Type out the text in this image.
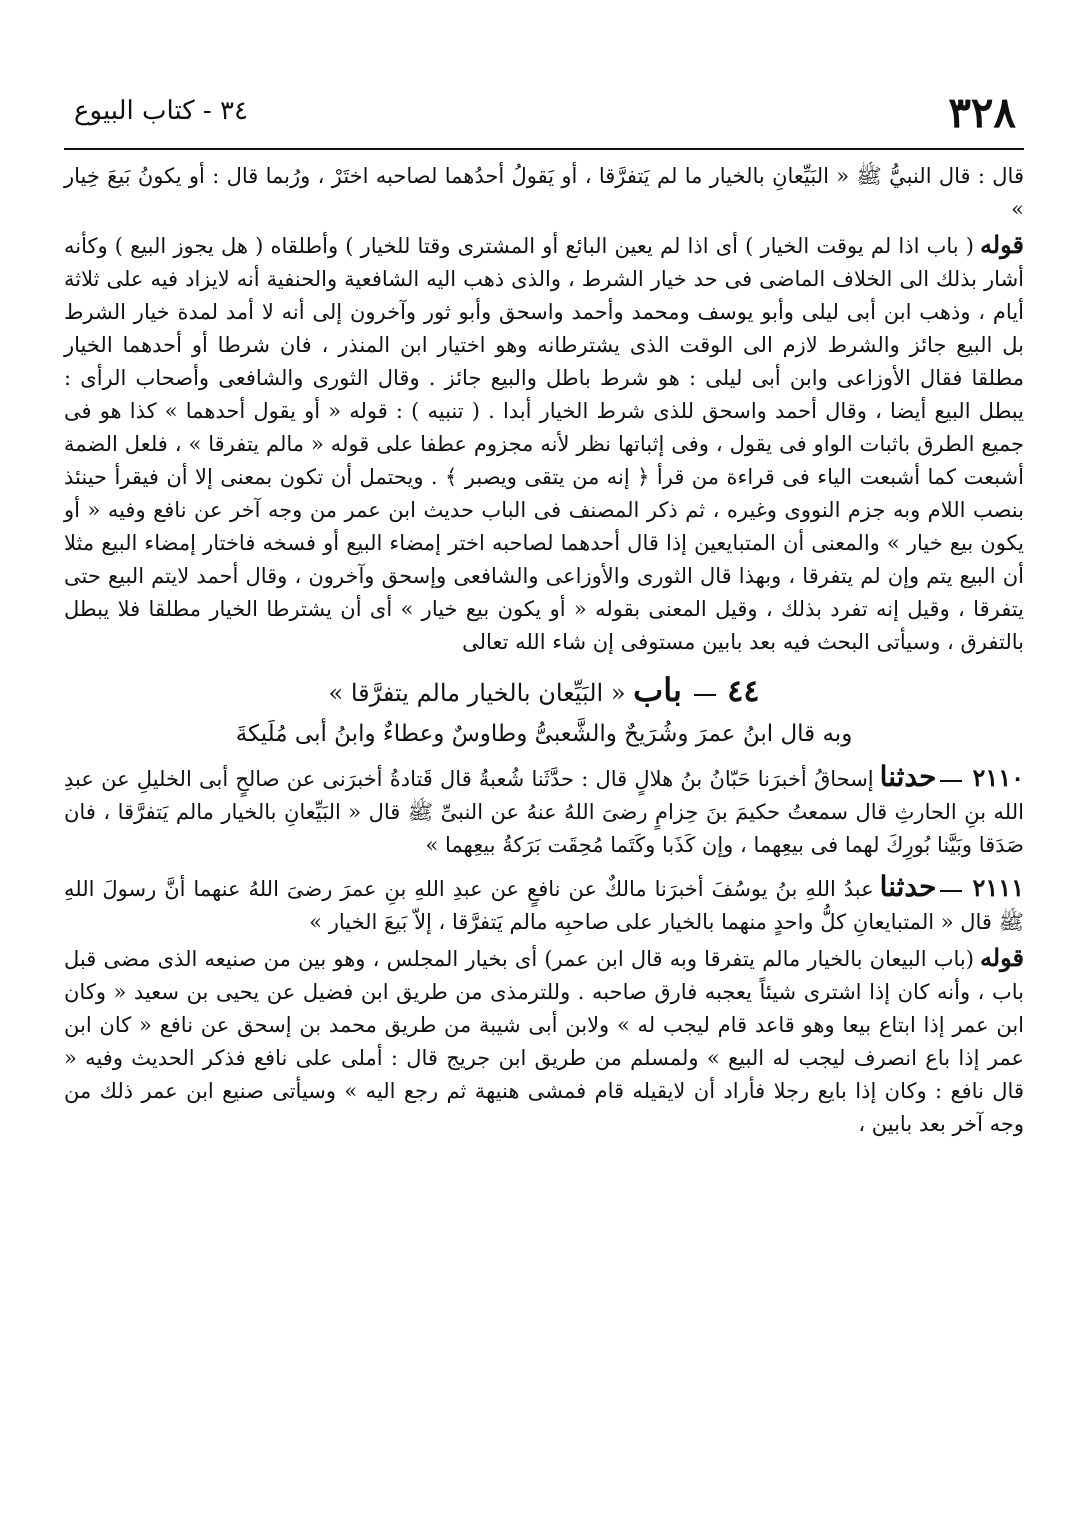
٣٢٨
٣٤ - كتاب البيوع

قال : قال النبيُّ ﷺ « البَيِّعانِ بالخيار ما لم يَتفرَّقا ، أو يَقولُ أحدُهما لصاحبه اختَرْ ، ورُبما قال : أو يكونُ بَيعَ خِيار »

قوله( باب اذا لم يوقت الخيار ) أى اذا لم يعين البائع أو المشترى وقتا للخيار ) وأطلقاه ( هل يجوز البيع ) وكأنه أشار بذلك الى الخلاف الماضى فى حد خيار الشرط ، والذى ذهب اليه الشافعية والحنفية أنه لايزاد فيه على ثلاثة أيام ، وذهب ابن أبى ليلى وأبو يوسف ومحمد وأحمد واسحق وأبو ثور وآخرون إلى أنه لا أمد لمدة خيار الشرط بل البيع جائز والشرط لازم الى الوقت الذى يشترطانه وهو اختيار ابن المنذر ، فان شرطا أو أحدهما الخيار مطلقا فقال الأوزاعى وابن أبى ليلى : هو شرط باطل والبيع جائز . وقال الثورى والشافعى وأصحاب الرأى : يبطل البيع أيضا ، وقال أحمد واسحق للذى شرط الخيار أبدا . ( تنبيه ) : قوله « أو يقول أحدهما » كذا هو فى جميع الطرق باثبات الواو فى يقول ، وفى إثباتها نظر لأنه مجزوم عطفا على قوله « مالم يتفرقا » ، فلعل الضمة أشبعت كما أشبعت الياء فى قراءة من قرأ ﴿ إنه من يتقى ويصبر ﴾ . ويحتمل أن تكون بمعنى إلا أن فيقرأ حينئذ بنصب اللام وبه جزم النووى وغيره ، ثم ذكر المصنف فى الباب حديث ابن عمر من وجه آخر عن نافع وفيه « أو يكون بيع خيار » والمعنى أن المتبايعين إذا قال أحدهما لصاحبه اختر إمضاء البيع أو فسخه فاختار إمضاء البيع مثلا أن البيع يتم وإن لم يتفرقا ، وبهذا قال الثورى والأوزاعى والشافعى وإسحق وآخرون ، وقال أحمد لايتم البيع حتى يتفرقا ، وقيل إنه تفرد بذلك ، وقيل المعنى بقوله « أو يكون بيع خيار » أى أن يشترطا الخيار مطلقا فلا يبطل بالتفرق ، وسيأتى البحث فيه بعد بابين مستوفى إن شاء الله تعالى

٤٤  باب « البَيِّعان بالخيار مالم يتفرَّقا »
وبه قال ابنُ عمرَ وشُرَيحٌ والشَّعبىُّ وطاوسٌ وعطاءٌ وابنُ أبى مُلَيكةَ

٢١١٠حدثناإسحاقُ أخبرَنا حَبّانُ بنُ هلالٍ قال : حدَّثَنا شُعبةُ قال قَتادةُ أخبرَنى عن صالحٍ أبى الخليلِ عن عبدِ الله بنِ الحارثِ قال سمعتُ حكيمَ بنَ حِزامٍ رضىَ اللهُ عنهُ عن النبىِّ ﷺ قال « البَيِّعانِ بالخيار مالم يَتفرَّقا ، فان صَدَقا وبَيَّنا بُورِكَ لهما فى بيعِهما ، وإن كَذَبا وكَتَما مُحِقَت بَرَكةُ بيعِهما »

٢١١١حدثناعبدُ اللهِ بنُ يوسُفَ أخبرَنا مالكٌ عن نافعٍ عن عبدِ اللهِ بنِ عمرَ رضىَ اللهُ عنهما أنَّ رسولَ اللهِ ﷺ قال « المتبايعانِ كلُّ واحدٍ منهما بالخيار على صاحبِه مالم يَتفرَّقا ، إلاّ بَيعَ الخيار »

قوله(باب البيعان بالخيار مالم يتفرقا وبه قال ابن عمر) أى بخيار المجلس ، وهو بين من صنيعه الذى مضى قبل باب ، وأنه كان إذا اشترى شيئاً يعجبه فارق صاحبه . وللترمذى من طريق ابن فضيل عن يحيى بن سعيد « وكان ابن عمر إذا ابتاع بيعا وهو قاعد قام ليجب له » ولابن أبى شيبة من طريق محمد بن إسحق عن نافع « كان ابن عمر إذا باع انصرف ليجب له البيع » ولمسلم من طريق ابن جريج قال : أملى على نافع فذكر الحديث وفيه « قال نافع : وكان إذا بايع رجلا فأراد أن لايقيله قام فمشى هنيهة ثم رجع اليه » وسيأتى صنيع ابن عمر ذلك من وجه آخر بعد بابين ،
